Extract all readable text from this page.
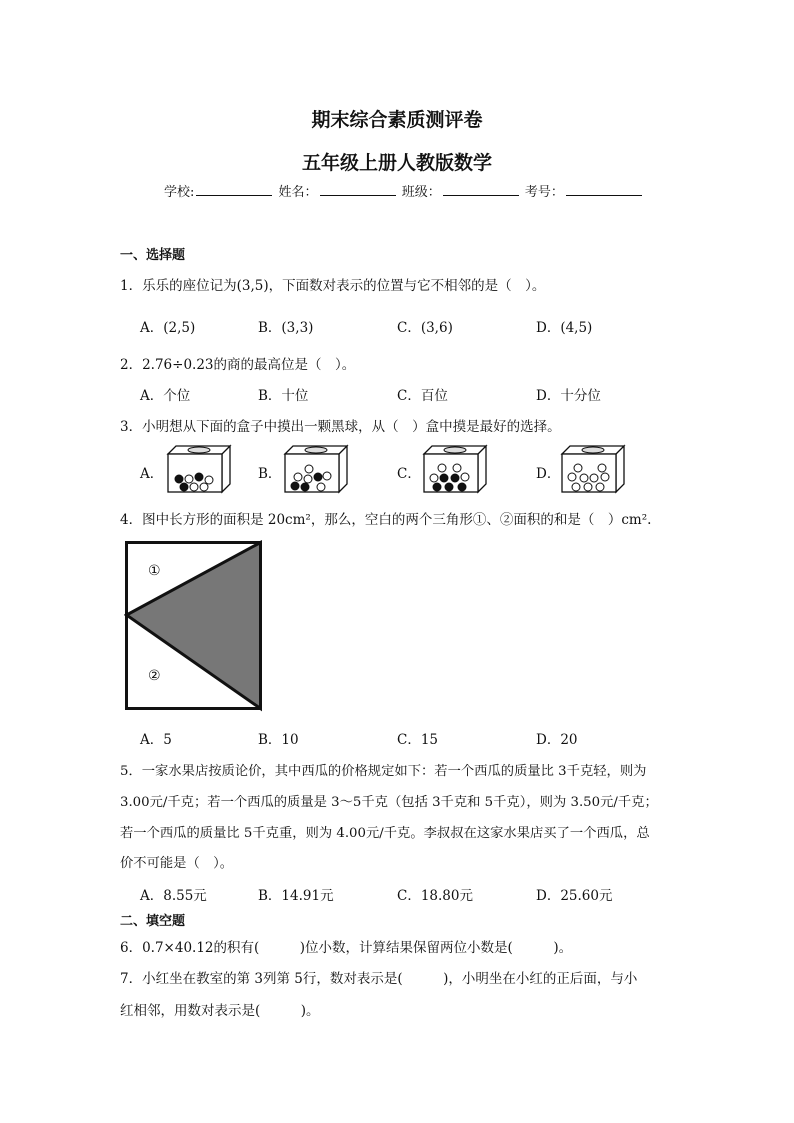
期末综合素质测评卷
五年级上册人教版数学
学校:	姓名：	班级：	考号：
一、选择题
1．乐乐的座位记为(3,5)，下面数对表示的位置与它不相邻的是（　）。
A．(2,5)	B．(3,3)	C．(3,6)	D．(4,5)
2．2.76÷0.23的商的最高位是（　）。
A．个位	B．十位	C．百位	D．十分位
3．小明想从下面的盒子中摸出一颗黑球，从（　）盒中摸是最好的选择。
A．	B．	C．	D．
4．图中长方形的面积是 20cm²，那么，空白的两个三角形①、②面积的和是（　）cm².
①
②
A．5	B．10	C．15	D．20
5．一家水果店按质论价，其中西瓜的价格规定如下：若一个西瓜的质量比 3千克轻，则为
3.00元/千克；若一个西瓜的质量是 3～5千克（包括 3千克和 5千克），则为 3.50元/千克；
若一个西瓜的质量比 5千克重，则为 4.00元/千克。李叔叔在这家水果店买了一个西瓜，总
价不可能是（　）。
A．8.55元	B．14.91元	C．18.80元	D．25.60元
二、填空题
6．0.7×40.12的积有(　　　)位小数，计算结果保留两位小数是(　　　)。
7．小红坐在教室的第 3列第 5行，数对表示是(　　　)，小明坐在小红的正后面，与小
红相邻，用数对表示是(　　　)。
